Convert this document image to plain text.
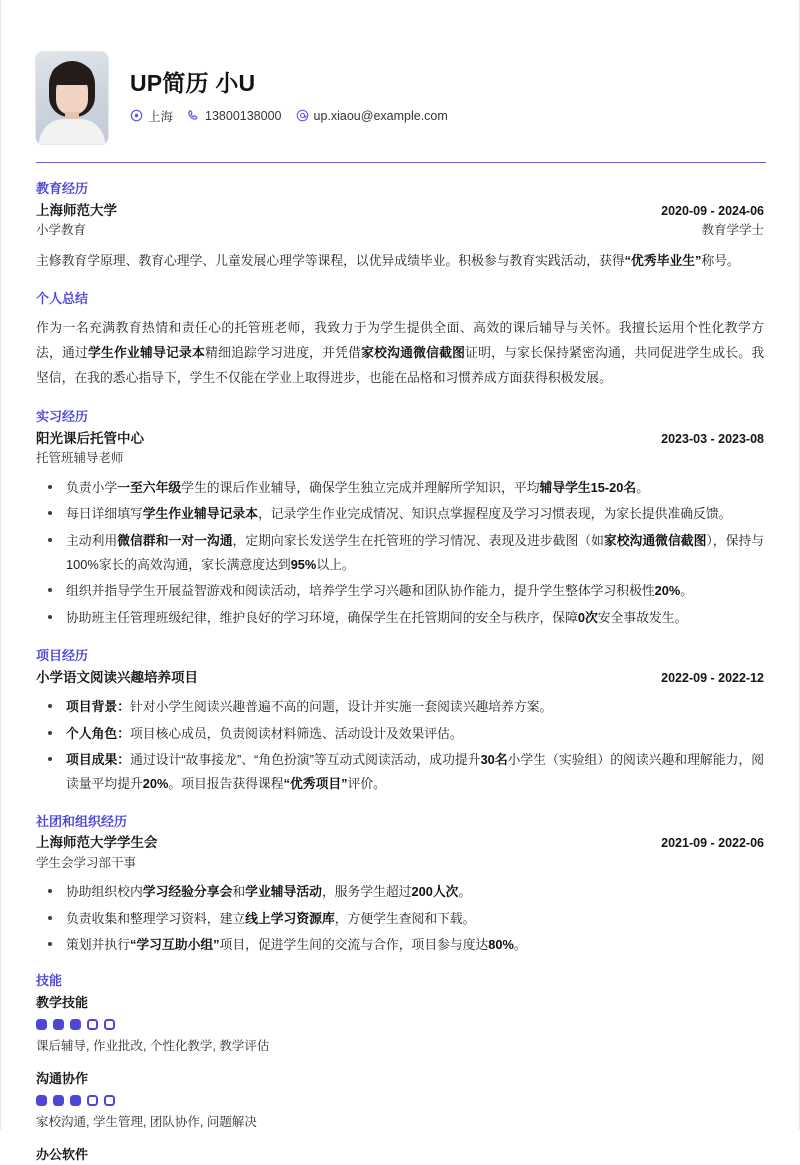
UP简历 小U
上海	13800138000	up.xiaou@example.com
教育经历
上海师范大学	2020-09 - 2024-06
小学教育	教育学学士
主修教育学原理、教育心理学、儿童发展心理学等课程，以优异成绩毕业。积极参与教育实践活动，获得“优秀毕业生”称号。
个人总结
作为一名充满教育热情和责任心的托管班老师，我致力于为学生提供全面、高效的课后辅导与关怀。我擅长运用个性化教学方法，通过学生作业辅导记录本精细追踪学习进度，并凭借家校沟通微信截图证明，与家长保持紧密沟通，共同促进学生成长。我坚信，在我的悉心指导下，学生不仅能在学业上取得进步，也能在品格和习惯养成方面获得积极发展。
实习经历
阳光课后托管中心	2023-03 - 2023-08
托管班辅导老师
负责小学一至六年级学生的课后作业辅导，确保学生独立完成并理解所学知识，平均辅导学生15-20名。
每日详细填写学生作业辅导记录本，记录学生作业完成情况、知识点掌握程度及学习习惯表现，为家长提供准确反馈。
主动利用微信群和一对一沟通，定期向家长发送学生在托管班的学习情况、表现及进步截图（如家校沟通微信截图），保持与100%家长的高效沟通，家长满意度达到95%以上。
组织并指导学生开展益智游戏和阅读活动，培养学生学习兴趣和团队协作能力，提升学生整体学习积极性20%。
协助班主任管理班级纪律，维护良好的学习环境，确保学生在托管期间的安全与秩序，保障0次安全事故发生。
项目经历
小学语文阅读兴趣培养项目	2022-09 - 2022-12
项目背景：针对小学生阅读兴趣普遍不高的问题，设计并实施一套阅读兴趣培养方案。
个人角色：项目核心成员，负责阅读材料筛选、活动设计及效果评估。
项目成果：通过设计“故事接龙”、“角色扮演”等互动式阅读活动，成功提升30名小学生（实验组）的阅读兴趣和理解能力，阅读量平均提升20%。项目报告获得课程“优秀项目”评价。
社团和组织经历
上海师范大学学生会	2021-09 - 2022-06
学生会学习部干事
协助组织校内学习经验分享会和学业辅导活动，服务学生超过200人次。
负责收集和整理学习资料，建立线上学习资源库，方便学生查阅和下载。
策划并执行“学习互助小组”项目，促进学生间的交流与合作，项目参与度达80%。
技能
教学技能
课后辅导, 作业批改, 个性化教学, 教学评估
沟通协作
家校沟通, 学生管理, 团队协作, 问题解决
办公软件
